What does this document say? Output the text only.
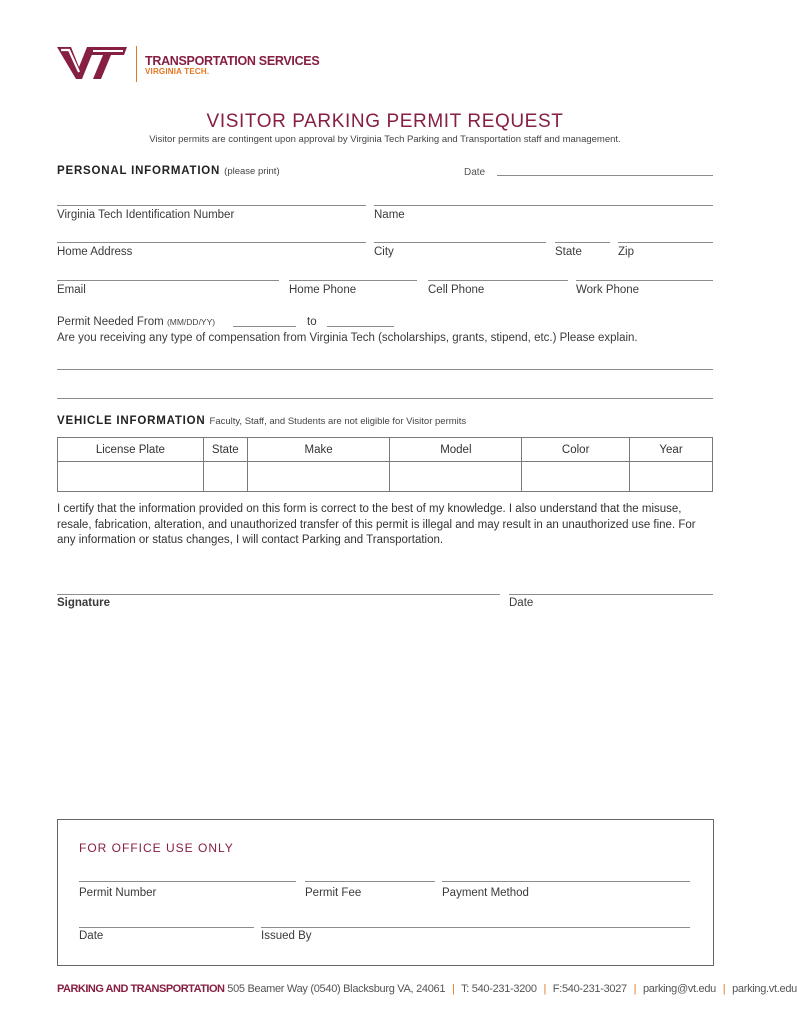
TRANSPORTATION SERVICES
VIRGINIA TECH.
VISITOR PARKING PERMIT REQUEST
Visitor permits are contingent upon approval by Virginia Tech Parking and Transportation staff and management.
PERSONAL INFORMATION (please print)	Date
Virginia Tech Identification Number	Name
Home Address	City	State	Zip
Email	Home Phone	Cell Phone	Work Phone
Permit Needed From (MM/DD/YY)	to
Are you receiving any type of compensation from Virginia Tech (scholarships, grants, stipend, etc.) Please explain.
VEHICLE INFORMATION Faculty, Staff, and Students are not eligible for Visitor permits
License Plate	State	Make	Model	Color	Year

I certify that the information provided on this form is correct to the best of my knowledge. I also understand that the misuse, resale, fabrication, alteration, and unauthorized transfer of this permit is illegal and may result in an unauthorized use fine. For any information or status changes, I will contact Parking and Transportation.
Signature	Date
FOR OFFICE USE ONLY
Permit Number	Permit Fee	Payment Method
Date	Issued By
PARKING AND TRANSPORTATION 505 Beamer Way (0540) Blacksburg VA, 24061 | T: 540-231-3200 | F:540-231-3027 | parking@vt.edu | parking.vt.edu
